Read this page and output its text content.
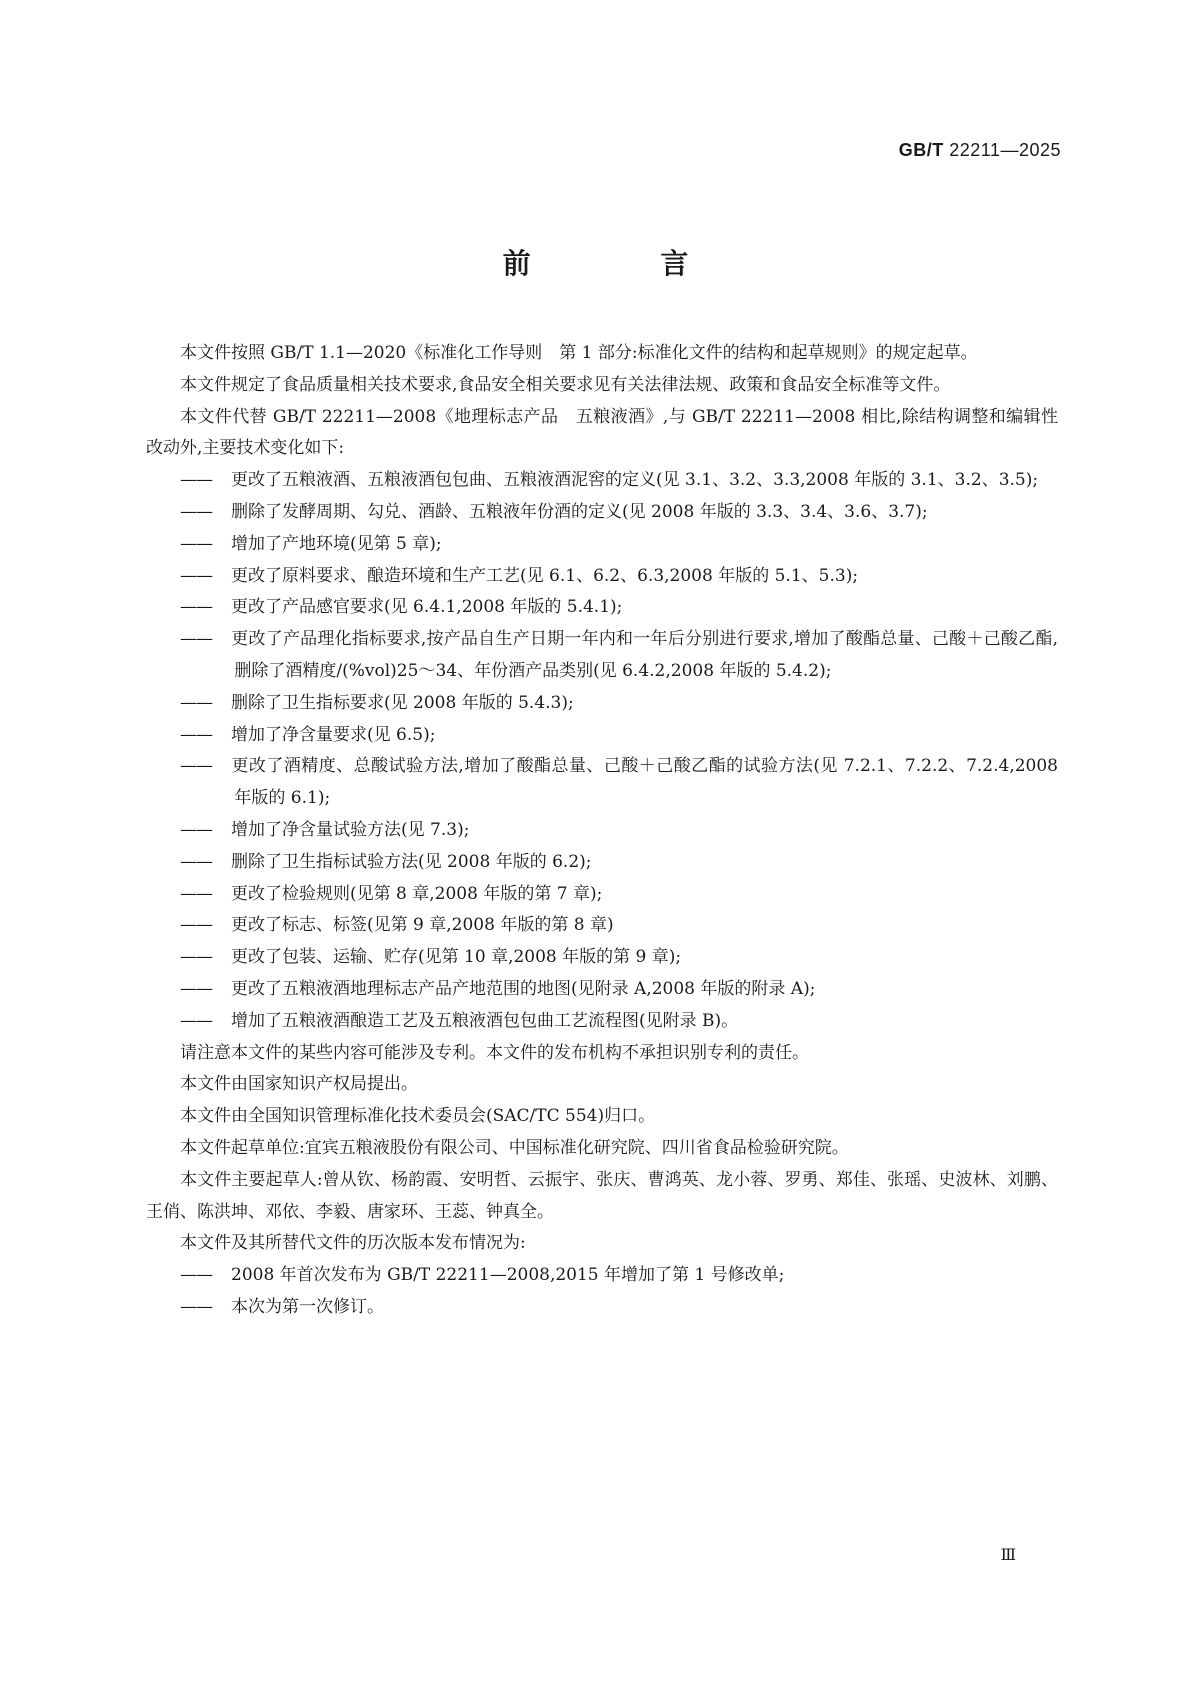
GB/T 22211—2025
前 言

本文件按照 GB/T 1.1—2020《标准化工作导则　第 1 部分:标准化文件的结构和起草规则》的规定起草。

本文件规定了食品质量相关技术要求,食品安全相关要求见有关法律法规、政策和食品安全标准等文件。

本文件代替 GB/T 22211—2008《地理标志产品　五粮液酒》,与 GB/T 22211—2008 相比,除结构调整和编辑性改动外,主要技术变化如下:

—— 更改了五粮液酒、五粮液酒包包曲、五粮液酒泥窖的定义(见 3.1、3.2、3.3,2008 年版的 3.1、3.2、3.5);

—— 删除了发酵周期、勾兑、酒龄、五粮液年份酒的定义(见 2008 年版的 3.3、3.4、3.6、3.7);

—— 增加了产地环境(见第 5 章);

—— 更改了原料要求、酿造环境和生产工艺(见 6.1、6.2、6.3,2008 年版的 5.1、5.3);

—— 更改了产品感官要求(见 6.4.1,2008 年版的 5.4.1);

—— 更改了产品理化指标要求,按产品自生产日期一年内和一年后分别进行要求,增加了酸酯总量、己酸＋己酸乙酯,删除了酒精度/(%vol)25～34、年份酒产品类别(见 6.4.2,2008 年版的 5.4.2);

—— 删除了卫生指标要求(见 2008 年版的 5.4.3);

—— 增加了净含量要求(见 6.5);

—— 更改了酒精度、总酸试验方法,增加了酸酯总量、己酸＋己酸乙酯的试验方法(见 7.2.1、7.2.2、7.2.4,2008 年版的 6.1);

—— 增加了净含量试验方法(见 7.3);

—— 删除了卫生指标试验方法(见 2008 年版的 6.2);

—— 更改了检验规则(见第 8 章,2008 年版的第 7 章);

—— 更改了标志、标签(见第 9 章,2008 年版的第 8 章)

—— 更改了包装、运输、贮存(见第 10 章,2008 年版的第 9 章);

—— 更改了五粮液酒地理标志产品产地范围的地图(见附录 A,2008 年版的附录 A);

—— 增加了五粮液酒酿造工艺及五粮液酒包包曲工艺流程图(见附录 B)。

请注意本文件的某些内容可能涉及专利。本文件的发布机构不承担识别专利的责任。

本文件由国家知识产权局提出。

本文件由全国知识管理标准化技术委员会(SAC/TC 554)归口。

本文件起草单位:宜宾五粮液股份有限公司、中国标准化研究院、四川省食品检验研究院。

本文件主要起草人:曾从钦、杨韵霞、安明哲、云振宇、张庆、曹鸿英、龙小蓉、罗勇、郑佳、张瑶、史波林、刘鹏、王俏、陈洪坤、邓依、李毅、唐家环、王蕊、钟真全。

本文件及其所替代文件的历次版本发布情况为:

—— 2008 年首次发布为 GB/T 22211—2008,2015 年增加了第 1 号修改单;

—— 本次为第一次修订。

Ⅲ
